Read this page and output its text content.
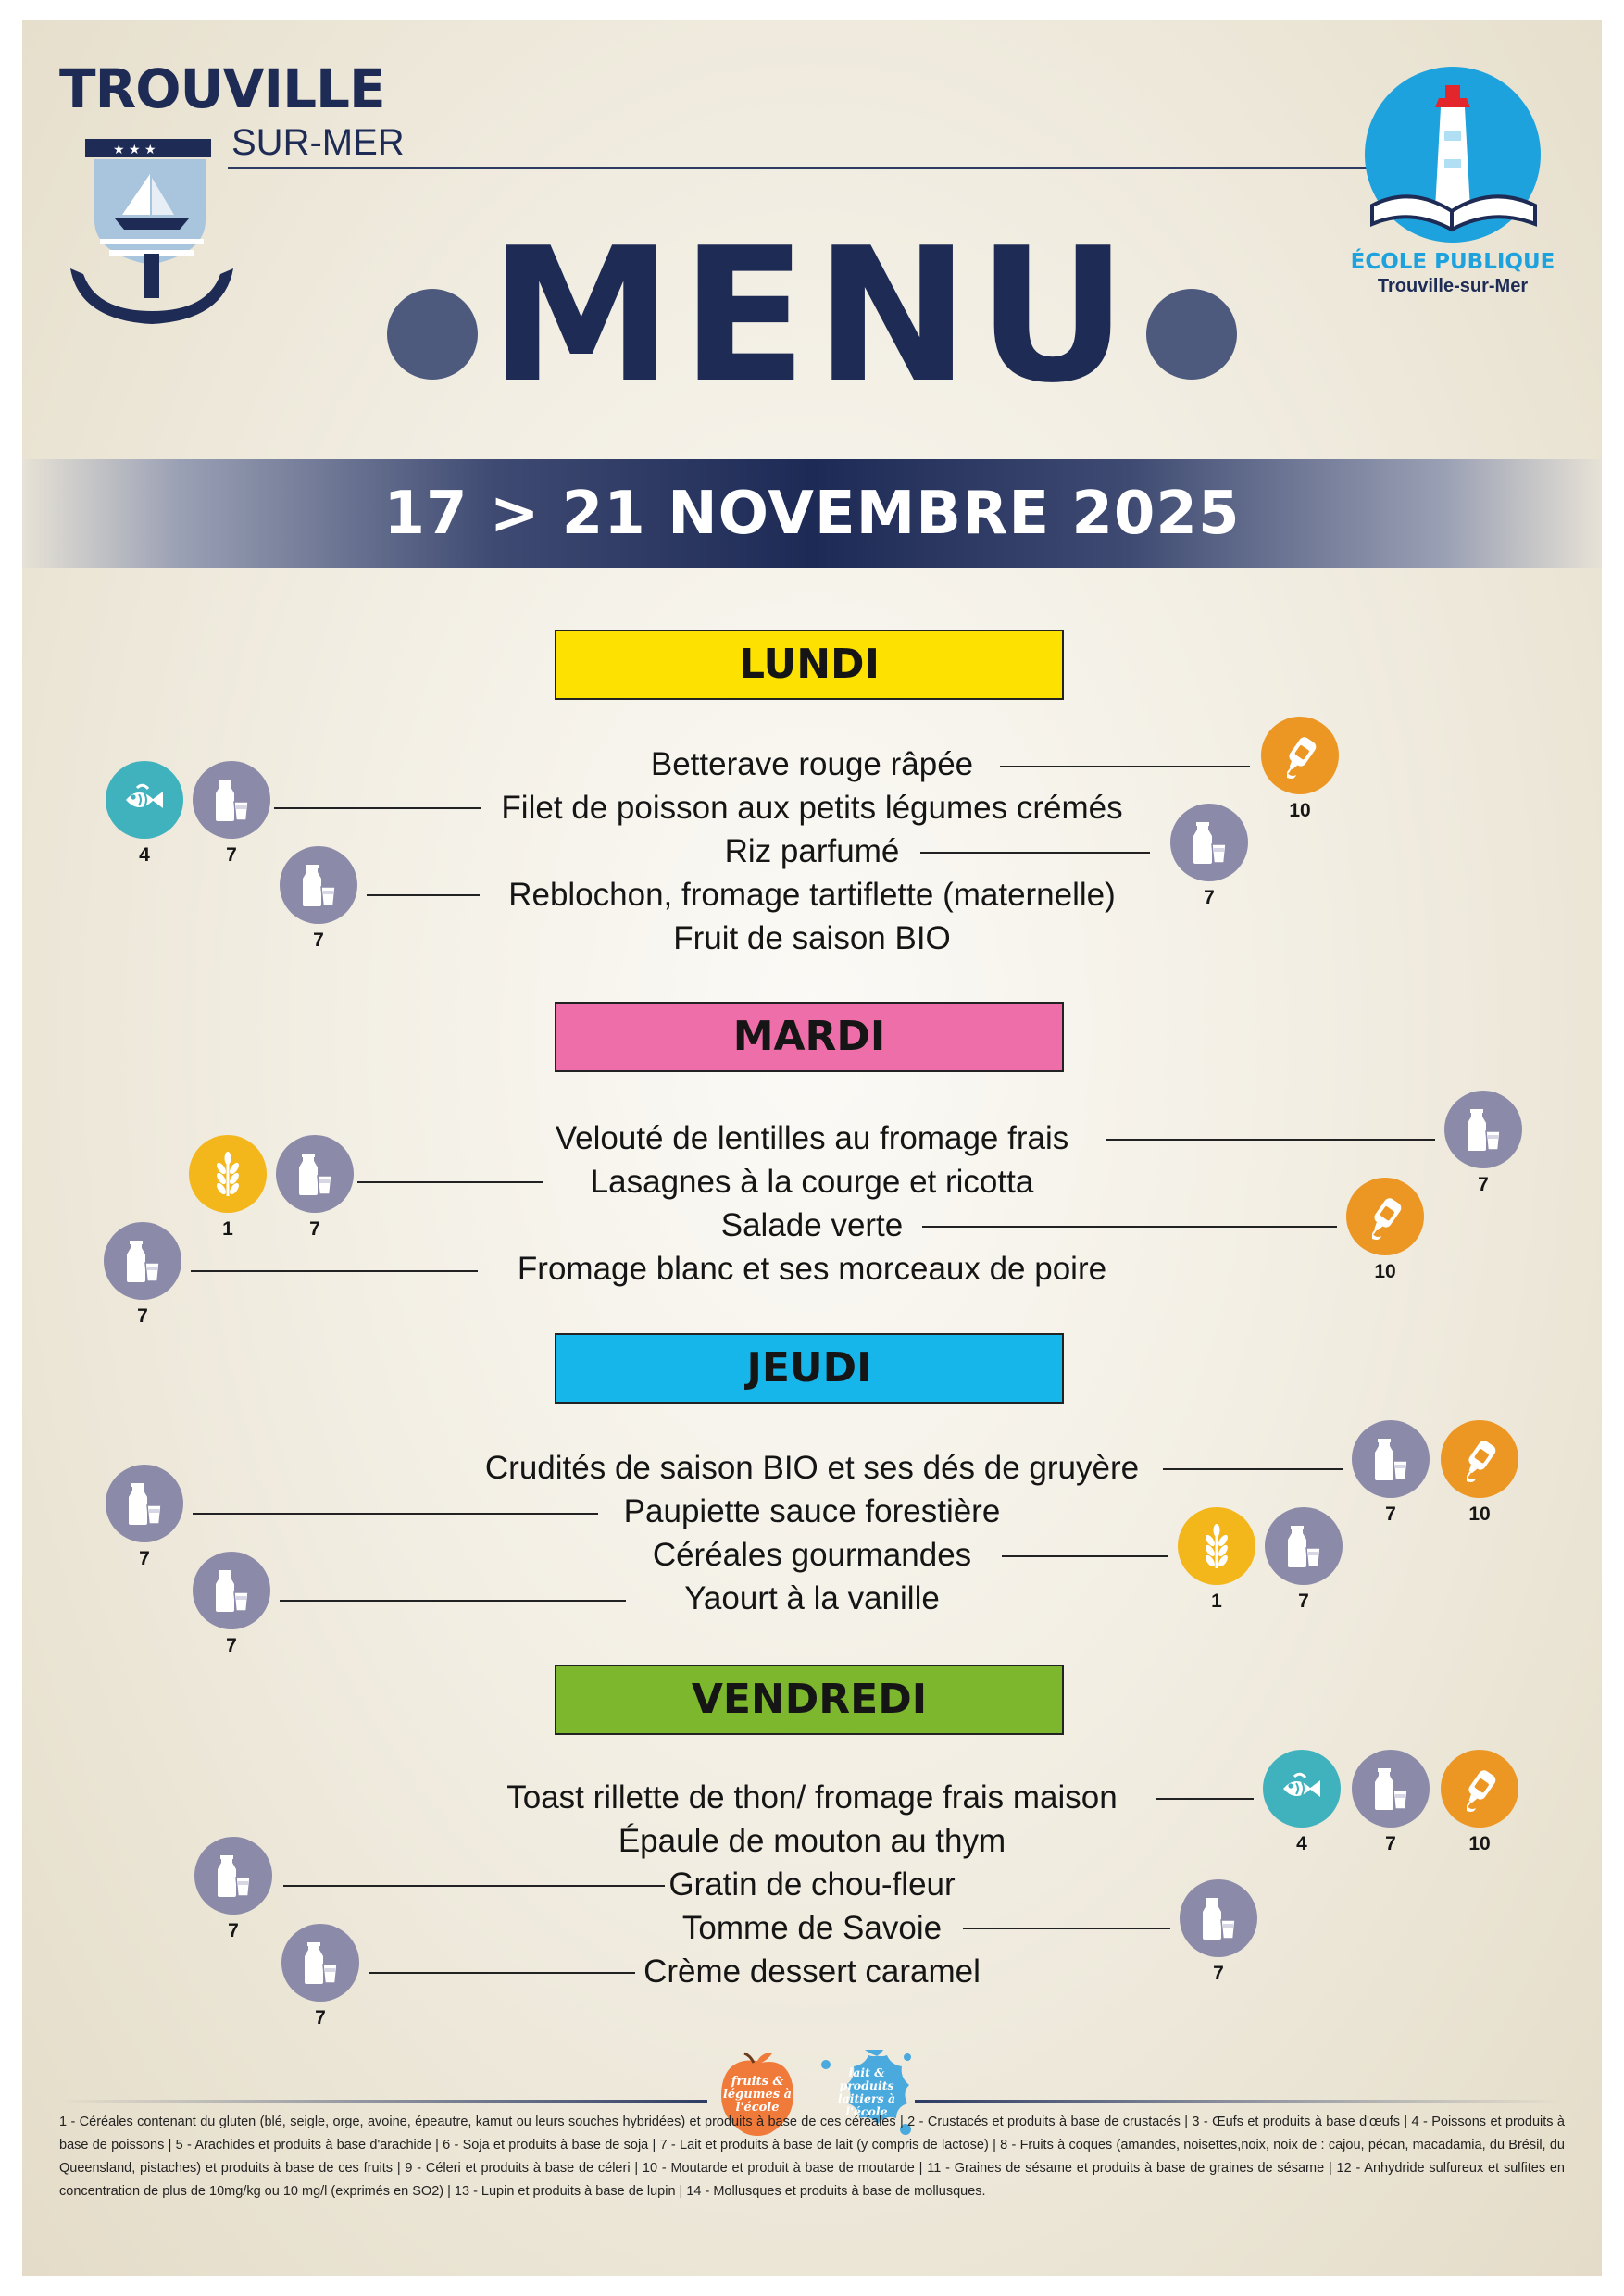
TROUVILLE
SUR-MER
★ ★ ★
ÉCOLE PUBLIQUE
Trouville-sur-Mer
MENU
17 > 21 NOVEMBRE 2025
LUNDI
Betterave rouge râpée
Filet de poisson aux petits légumes crémés
Riz parfumé
Reblochon, fromage tartiflette (maternelle)
Fruit de saison BIO
10
4	7
7
7
MARDI
Velouté de lentilles au fromage frais
Lasagnes à la courge et ricotta
Salade verte
Fromage blanc et ses morceaux de poire
1	7
7
10
7
JEUDI
Crudités de saison BIO et ses dés de gruyère
Paupiette sauce forestière
Céréales gourmandes
Yaourt à la vanille
7	10
7
1	7
7
VENDREDI
Toast rillette de thon/ fromage frais maison
Épaule de mouton au thym
Gratin de chou-fleur
Tomme de Savoie
Crème dessert caramel
4	7	10
7
7
7
fruits & légumes à l'école
lait & produits laitiers à l'école
1 - Céréales contenant du gluten (blé, seigle, orge, avoine, épeautre, kamut ou leurs souches hybridées) et produits à base de ces céréales | 2 - Crustacés et produits à base de crustacés | 3 - Œufs et produits à base d'œufs | 4 - Poissons et produits à base de poissons | 5 - Arachides et produits à base d'arachide | 6 - Soja et produits à base de soja | 7 - Lait et produits à base de lait (y compris de lactose) | 8 - Fruits à coques (amandes, noisettes,noix, noix de : cajou, pécan, macadamia, du Brésil, du Queensland, pistaches) et produits à base de ces fruits | 9 - Céleri et produits à base de céleri | 10 - Moutarde et produit à base de moutarde | 11 - Graines de sésame et produits à base de graines de sésame | 12 - Anhydride sulfureux et sulfites en concentration de plus de 10mg/kg ou 10 mg/l (exprimés en SO2) | 13 - Lupin et produits à base de lupin | 14 - Mollusques et produits à base de mollusques.
